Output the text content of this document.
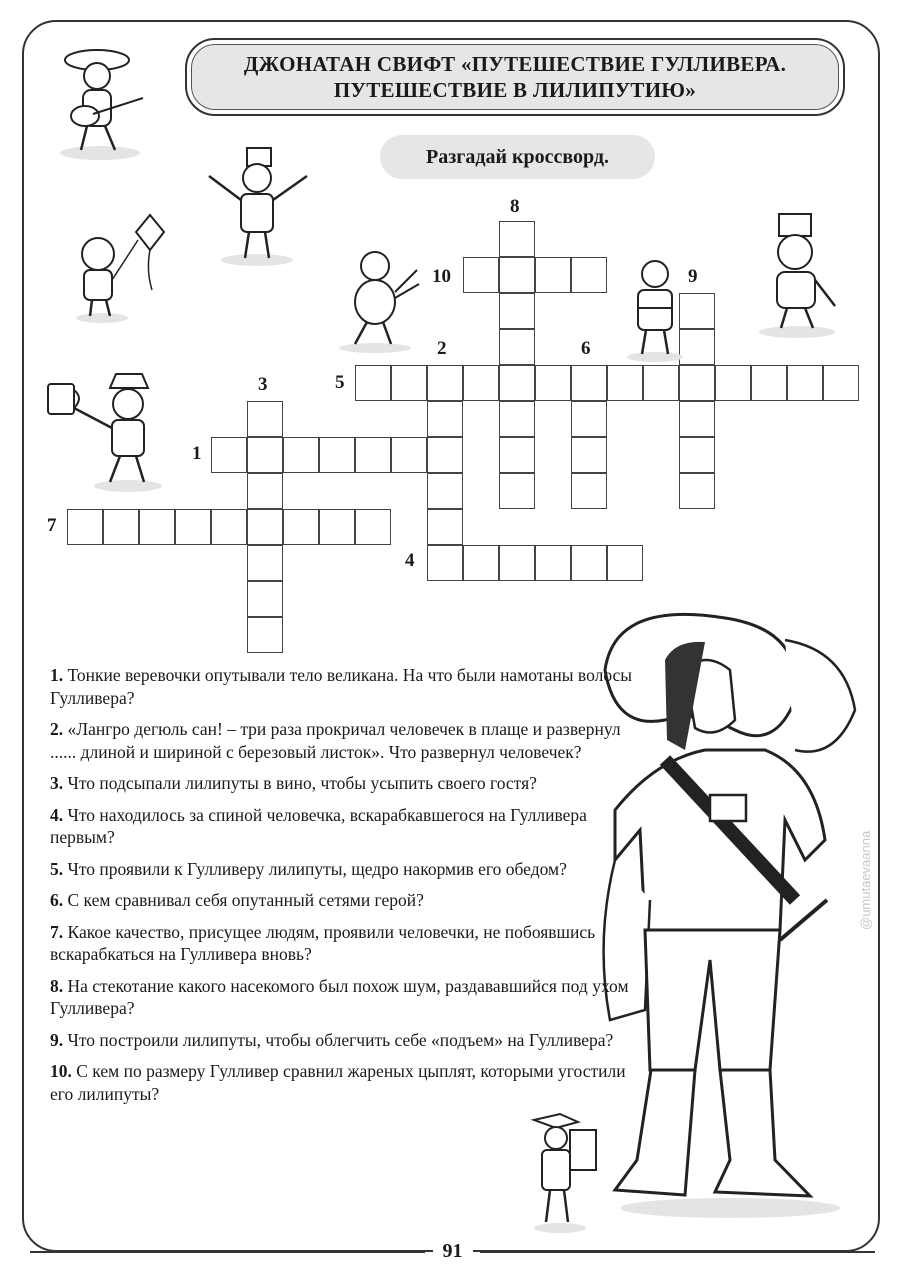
ДЖОНАТАН СВИФТ «ПУТЕШЕСТВИЕ ГУЛЛИВЕРА.
ПУТЕШЕСТВИЕ В ЛИЛИПУТИЮ»
Разгадай кроссворд.
8
10	9
2	6
3	5
1
7
4
@umutaevaanna
1. Тонкие веревочки опутывали тело великана. На что были намотаны волосы Гулливера?
2. «Лангро дегюль сан! – три раза прокричал человечек в плаще и развернул ...... длиной и шириной с березовый листок». Что развернул человечек?
3. Что подсыпали лилипуты в вино, чтобы усыпить своего гостя?
4. Что находилось за спиной человечка, вскарабкавшегося на Гулливера первым?
5. Что проявили к Гулливеру лилипуты, щедро накормив его обедом?
6. С кем сравнивал себя опутанный сетями герой?
7. Какое качество, присущее людям, проявили человечки, не побоявшись вскарабкаться на Гулливера вновь?
8. На стекотание какого насекомого был похож шум, раздававшийся под ухом Гулливера?
9. Что построили лилипуты, чтобы облегчить себе «подъем» на Гулливера?
10. С кем по размеру Гулливер сравнил жареных цыплят, которыми угостили его лилипуты?
91
